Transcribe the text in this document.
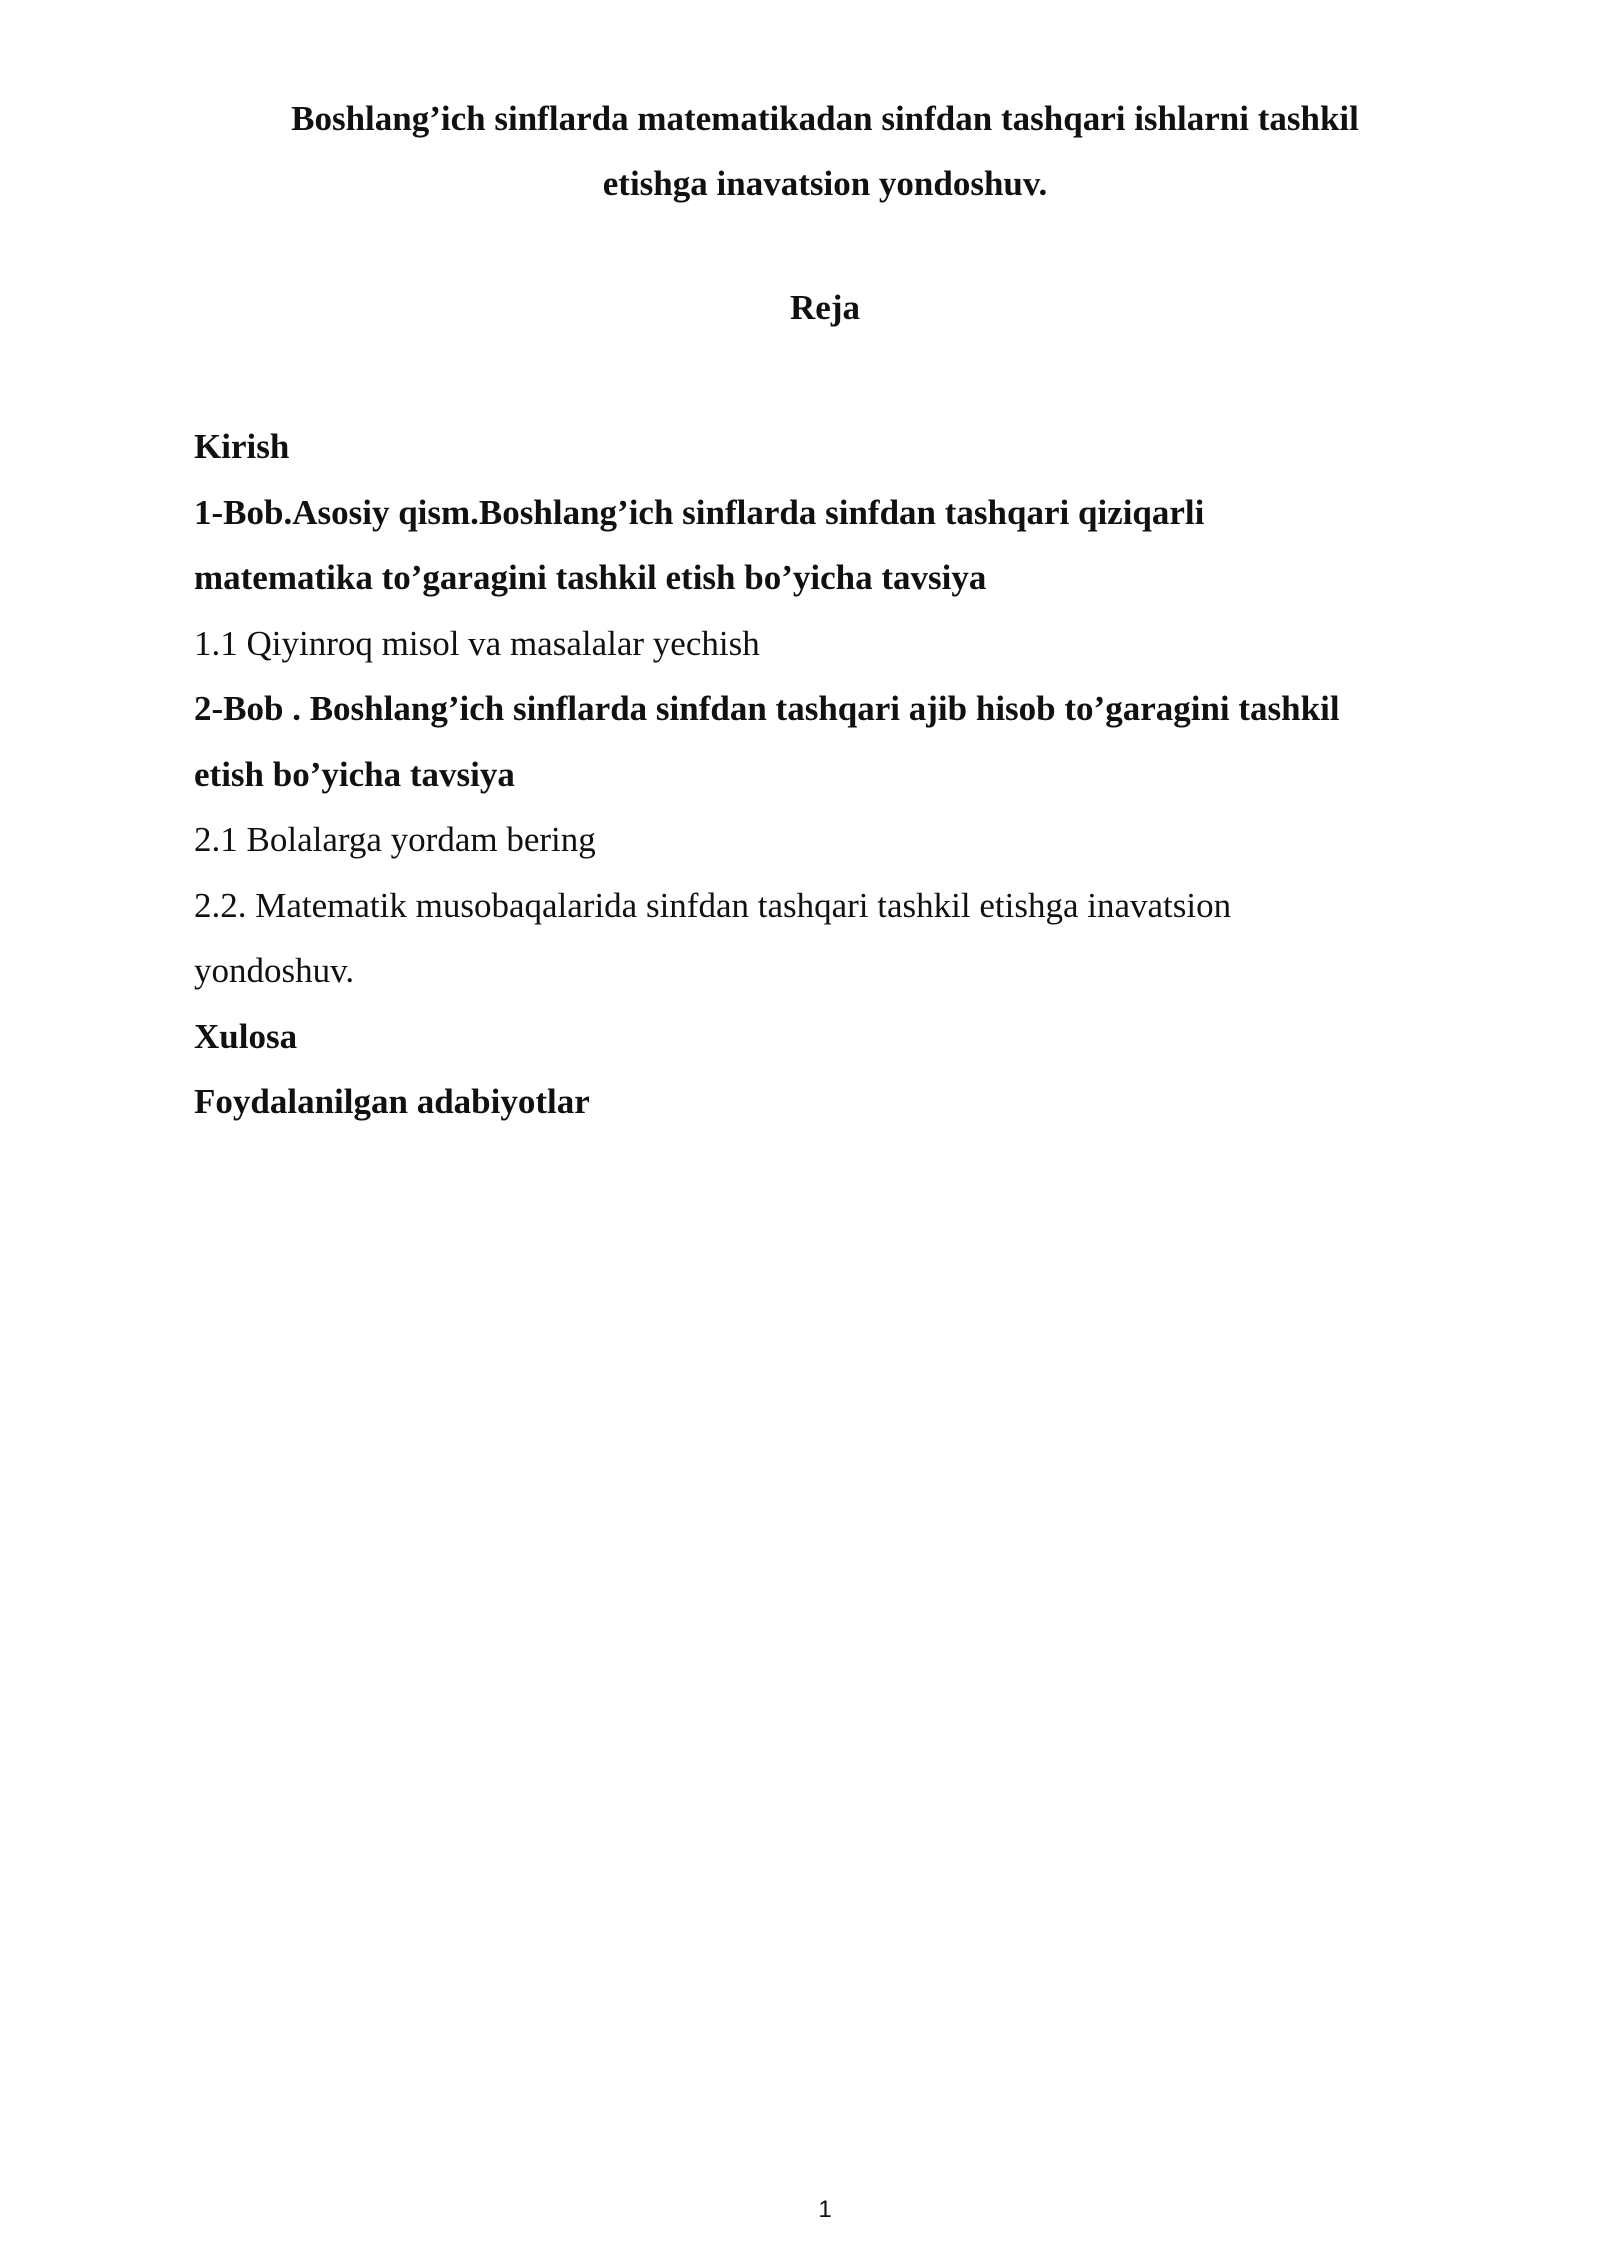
Boshlang’ich sinflarda matematikadan sinfdan tashqari ishlarni tashkil
etishga inavatsion yondoshuv.
Reja
Kirish
1-Bob.Asosiy qism.Boshlang’ich sinflarda sinfdan tashqari qiziqarli
matematika to’garagini tashkil etish bo’yicha tavsiya
1.1 Qiyinroq misol va masalalar yechish
2-Bob . Boshlang’ich sinflarda sinfdan tashqari ajib hisob to’garagini tashkil
etish bo’yicha tavsiya
2.1 Bolalarga yordam bering
2.2. Matematik musobaqalarida sinfdan tashqari tashkil etishga inavatsion
yondoshuv.
Xulosa
Foydalanilgan adabiyotlar
1
